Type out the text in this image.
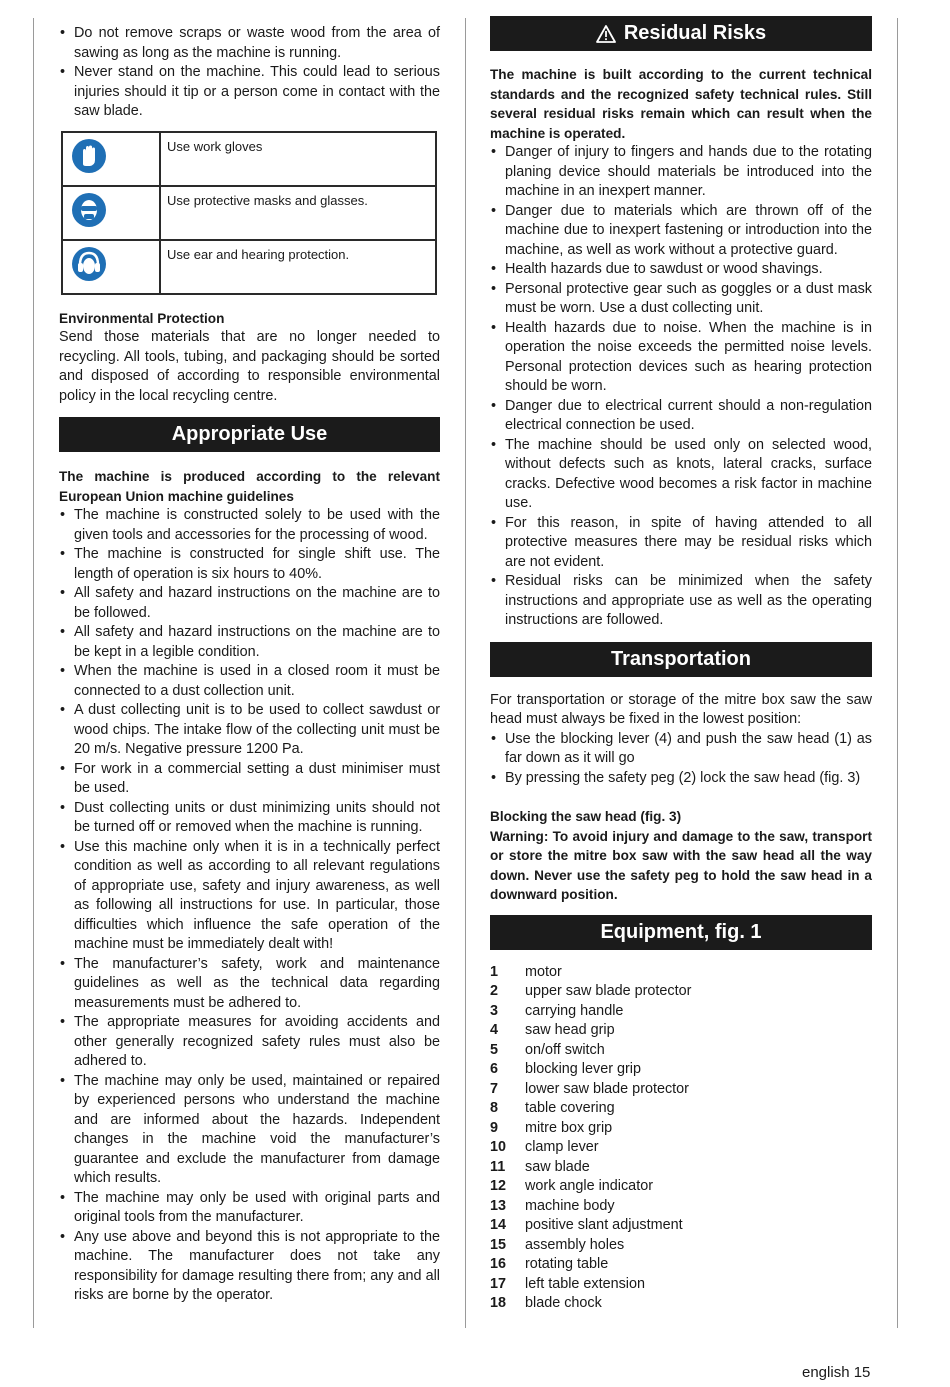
• Do not remove scraps or waste wood from the area of sawing as long as the machine is running.
• Never stand on the machine. This could lead to serious injuries should it tip or a person come in contact with the saw blade.
	Use work gloves

	Use protective masks and glasses.

	Use ear and hearing protection.

Environmental Protection

Send those materials that are no longer needed to recycling. All tools, tubing, and packaging should be sorted and disposed of according to responsible environmental policy in the local recycling centre.

Appropriate Use

The machine is produced according to the relevant European Union machine guidelines

• The machine is constructed solely to be used with the given tools and accessories for the processing of wood.
• The machine is constructed for single shift use. The length of operation is six hours to 40%.
• All safety and hazard instructions on the machine are to be followed.
• All safety and hazard instructions on the machine are to be kept in a legible condition.
• When the machine is used in a closed room it must be connected to a dust collection unit.
• A dust collecting unit is to be used to collect sawdust or wood chips. The intake flow of the collecting unit must be 20 m/s. Negative pressure 1200 Pa.
• For work in a commercial setting a dust minimiser must be used.
• Dust collecting units or dust minimizing units should not be turned off or removed when the machine is running.
• Use this machine only when it is in a technically perfect condition as well as according to all relevant regulations of appropriate use, safety and injury awareness, as well as following all instructions for use. In particular, those difficulties which influence the safe operation of the machine must be immediately dealt with!
• The manufacturer’s safety, work and maintenance guidelines as well as the technical data regarding measurements must be adhered to.
• The appropriate measures for avoiding accidents and other generally recognized safety rules must also be adhered to.
• The machine may only be used, maintained or repaired by experienced persons who understand the machine and are informed about the hazards. Independent changes in the machine void the manufacturer’s guarantee and exclude the manufacturer from damage which results.
• The machine may only be used with original parts and original tools from the manufacturer.
• Any use above and beyond this is not appropriate to the machine. The manufacturer does not take any responsibility for damage resulting there from; any and all risks are borne by the operator.
Residual Risks

The machine is built according to the current technical standards and the recognized safety technical rules. Still several residual risks remain which can result when the machine is operated.

• Danger of injury to fingers and hands due to the rotating planing device should materials be introduced into the machine in an inexpert manner.
• Danger due to materials which are thrown off of the machine due to inexpert fastening or introduction into the machine, as well as work without a protective guard.
• Health hazards due to sawdust or wood shavings.
• Personal protective gear such as goggles or a dust mask must be worn. Use a dust collecting unit.
• Health hazards due to noise. When the machine is in operation the noise exceeds the permitted noise levels. Personal protection devices such as hearing protection should be worn.
• Danger due to electrical current should a non-regulation electrical connection be used.
• The machine should be used only on selected wood, without defects such as knots, lateral cracks, surface cracks. Defective wood becomes a risk factor in machine use.
• For this reason, in spite of having attended to all protective measures there may be residual risks which are not evident.
• Residual risks can be minimized when the safety instructions and appropriate use as well as the operating instructions are followed.
Transportation

For transportation or storage of the mitre box saw the saw head must always be fixed in the lowest position:

• Use the blocking lever (4) and push the saw head (1) as far down as it will go
• By pressing the safety peg (2) lock the saw head (fig. 3)

Blocking the saw head (fig. 3)

Warning: To avoid injury and damage to the saw, transport or store the mitre box saw with the saw head all the way down. Never use the safety peg to hold the saw head in a downward position.

Equipment, fig. 1
1	motor
2	upper saw blade protector
3	carrying handle
4	saw head grip
5	on/off switch
6	blocking lever grip
7	lower saw blade protector
8	table covering
9	mitre box grip
10	clamp lever
11	saw blade
12	work angle indicator
13	machine body
14	positive slant adjustment
15	assembly holes
16	rotating table
17	left table extension
18	blade chock
english 15
